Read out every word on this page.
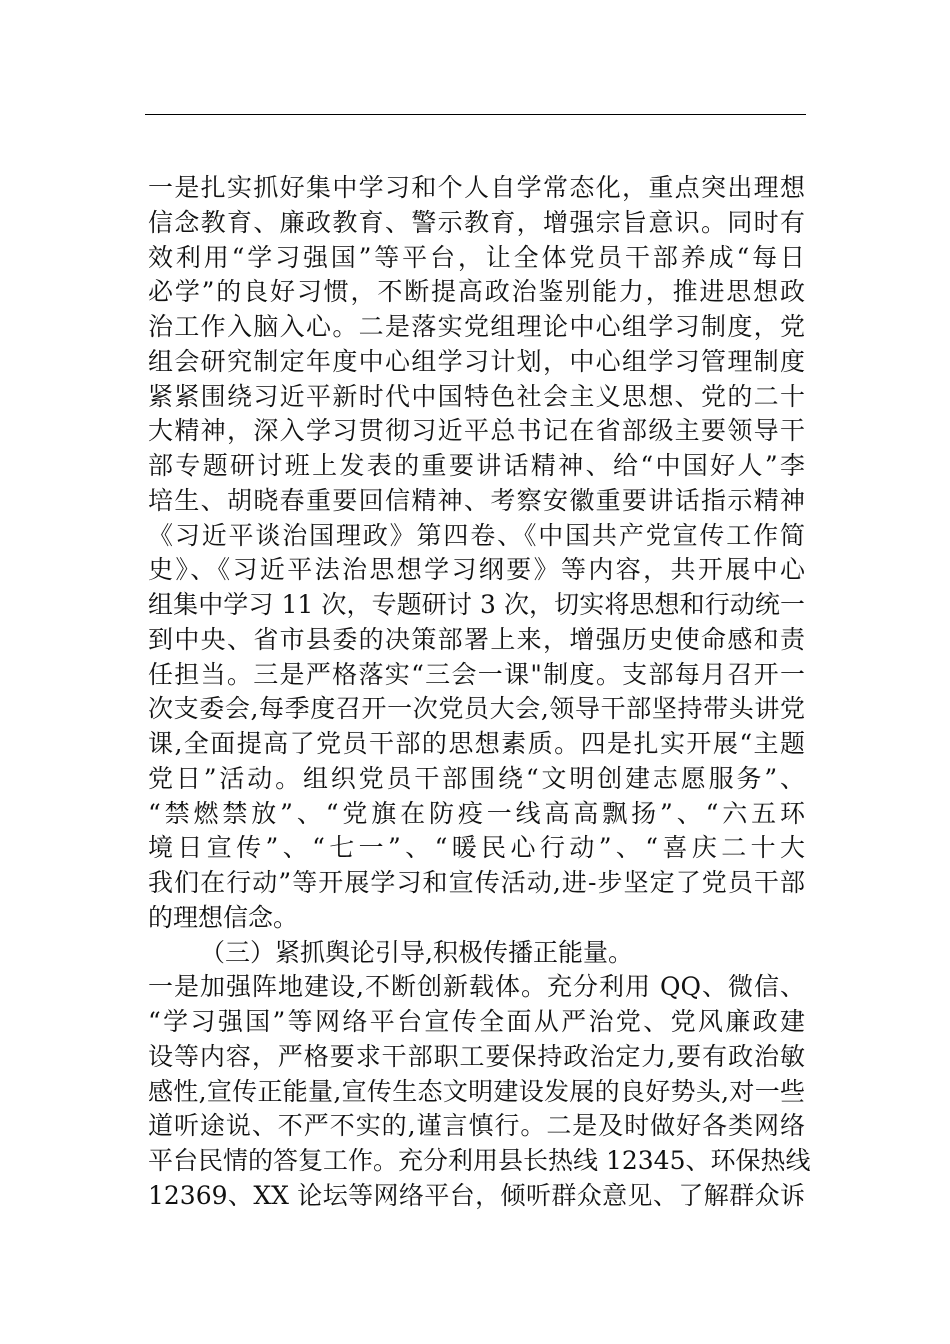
一是扎实抓好集中学习和个人自学常态化，重点突出理想
信念教育、廉政教育、警示教育，增强宗旨意识。同时有
效利用“学习强国”等平台，让全体党员干部养成“每日
必学”的良好习惯，不断提高政治鉴别能力，推进思想政
治工作入脑入心。二是落实党组理论中心组学习制度，党
组会研究制定年度中心组学习计划，中心组学习管理制度
紧紧围绕习近平新时代中国特色社会主义思想、党的二十
大精神，深入学习贯彻习近平总书记在省部级主要领导干
部专题研讨班上发表的重要讲话精神、给“中国好人”李
培生、胡晓春重要回信精神、考察安徽重要讲话指示精神
《习近平谈治国理政》第四卷、《中国共产党宣传工作简
史》、《习近平法治思想学习纲要》等内容，共开展中心
组集中学习 11 次，专题研讨 3 次，切实将思想和行动统一
到中央、省市县委的决策部署上来，增强历史使命感和责
任担当。三是严格落实“三会一课"制度。支部每月召开一
次支委会,每季度召开一次党员大会,领导干部坚持带头讲党
课,全面提高了党员干部的思想素质。四是扎实开展“主题
党日”活动。组织党员干部围绕“文明创建志愿服务”、
“禁燃禁放”、“党旗在防疫一线高高飘扬”、“六五环
境日宣传”、“七一”、“暖民心行动”、“喜庆二十大
我们在行动”等开展学习和宣传活动,进-步坚定了党员干部
的理想信念。
（三）紧抓舆论引导,积极传播正能量。
一是加强阵地建设,不断创新载体。充分利用 QQ、微信、
“学习强国”等网络平台宣传全面从严治党、党风廉政建
设等内容，严格要求干部职工要保持政治定力,要有政治敏
感性,宣传正能量,宣传生态文明建设发展的良好势头,对一些
道听途说、不严不实的,谨言慎行。二是及时做好各类网络
平台民情的答复工作。充分利用县长热线 12345、环保热线
12369、XX 论坛等网络平台，倾听群众意见、了解群众诉
